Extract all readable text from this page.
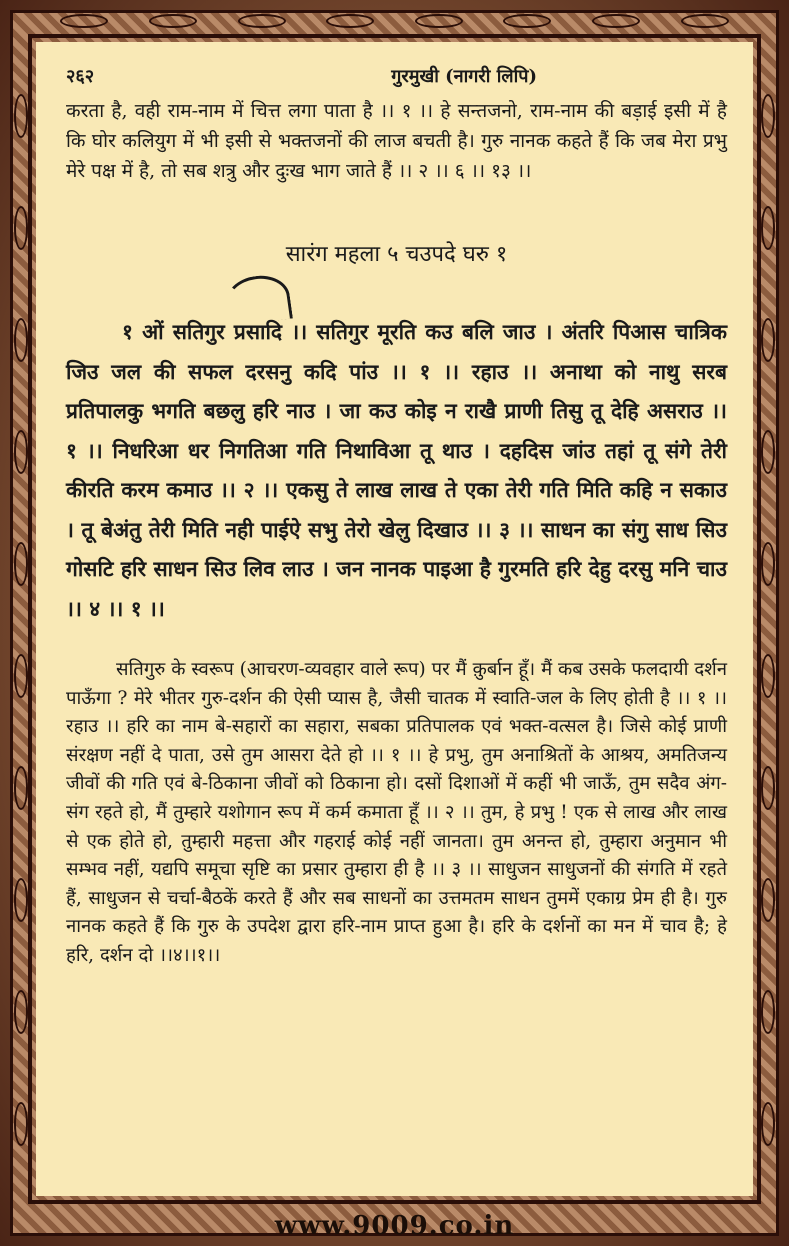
२६२	गुरमुखी (नागरी लिपि)

करता है, वही राम-नाम में चित्त लगा पाता है ।। १ ।। हे सन्तजनो, राम-नाम की बड़ाई इसी में है कि घोर कलियुग में भी इसी से भक्तजनों की लाज बचती है। गुरु नानक कहते हैं कि जब मेरा प्रभु मेरे पक्ष में है, तो सब शत्रु और दुःख भाग जाते हैं ।। २ ।। ६ ।। १३ ।।

सारंग महला ५ चउपदे घरु १

१ ओं सतिगुर प्रसादि ।। सतिगुर मूरति कउ बलि जाउ । अंतरि पिआस चात्रिक जिउ जल की सफल दरसनु कदि पांउ ।। १ ।। रहाउ ।। अनाथा को नाथु सरब प्रतिपालकु भगति बछलु हरि नाउ । जा कउ कोइ न राखै प्राणी तिसु तू देहि असराउ ।। १ ।। निधरिआ धर निगतिआ गति निथाविआ तू थाउ । दहदिस जांउ तहां तू संगे तेरी कीरति करम कमाउ ।। २ ।। एकसु ते लाख लाख ते एका तेरी गति मिति कहि न सकाउ । तू बेअंतु तेरी मिति नही पाईऐ सभु तेरो खेलु दिखाउ ।। ३ ।। साधन का संगु साध सिउ गोसटि हरि साधन सिउ लिव लाउ । जन नानक पाइआ है गुरमति हरि देहु दरसु मनि चाउ ।। ४ ।। १ ।।

सतिगुरु के स्वरूप (आचरण-व्यवहार वाले रूप) पर मैं क़ुर्बान हूँ। मैं कब उसके फलदायी दर्शन पाऊँगा ? मेरे भीतर गुरु-दर्शन की ऐसी प्यास है, जैसी चातक में स्वाति-जल के लिए होती है ।। १ ।। रहाउ ।। हरि का नाम बे-सहारों का सहारा, सबका प्रतिपालक एवं भक्त-वत्सल है। जिसे कोई प्राणी संरक्षण नहीं दे पाता, उसे तुम आसरा देते हो ।। १ ।। हे प्रभु, तुम अनाश्रितों के आश्रय, अमतिजन्य जीवों की गति एवं बे-ठिकाना जीवों को ठिकाना हो। दसों दिशाओं में कहीं भी जाऊँ, तुम सदैव अंग-संग रहते हो, मैं तुम्हारे यशोगान रूप में कर्म कमाता हूँ ।। २ ।। तुम, हे प्रभु ! एक से लाख और लाख से एक होते हो, तुम्हारी महत्ता और गहराई कोई नहीं जानता। तुम अनन्त हो, तुम्हारा अनुमान भी सम्भव नहीं, यद्यपि समूचा सृष्टि का प्रसार तुम्हारा ही है ।। ३ ।। साधुजन साधुजनों की संगति में रहते हैं, साधुजन से चर्चा-बैठकें करते हैं और सब साधनों का उत्तमतम साधन तुममें एकाग्र प्रेम ही है। गुरु नानक कहते हैं कि गुरु के उपदेश द्वारा हरि-नाम प्राप्त हुआ है। हरि के दर्शनों का मन में चाव है; हे हरि, दर्शन दो ।।४।।१।।

www.9009.co.in
